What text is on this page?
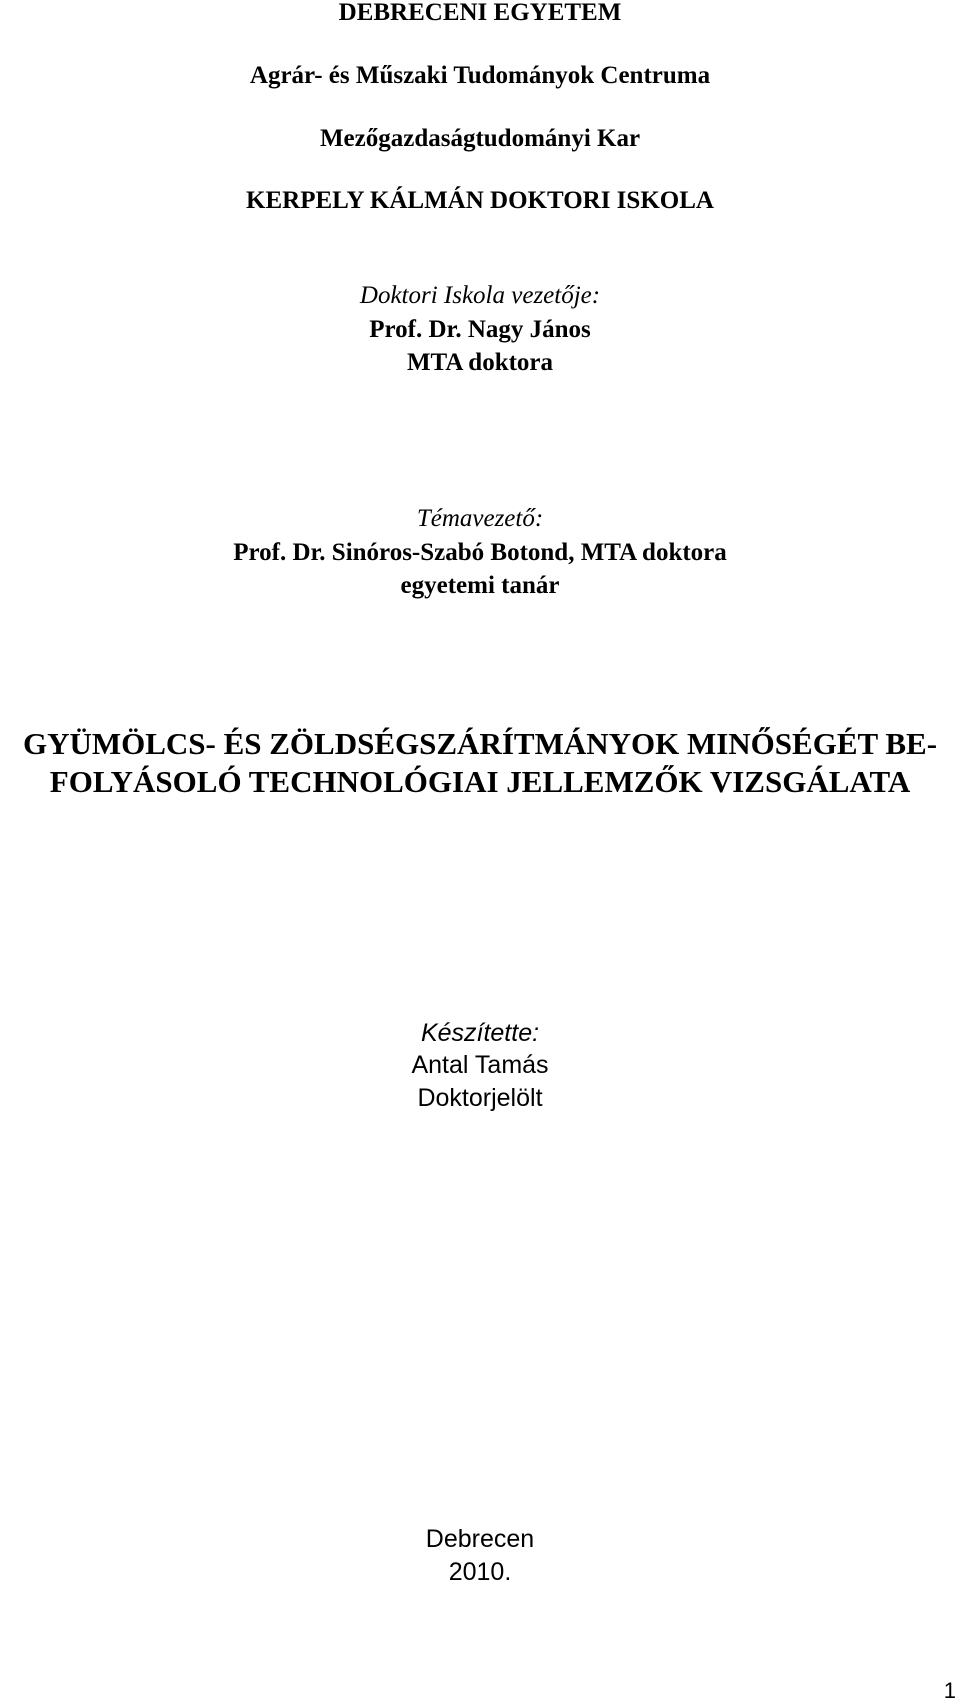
DEBRECENI EGYETEM
Agrár- és Műszaki Tudományok Centruma
Mezőgazdaságtudományi Kar
KERPELY KÁLMÁN DOKTORI ISKOLA
Doktori Iskola vezetője:
Prof. Dr. Nagy János
MTA doktora
Témavezető:
Prof. Dr. Sinóros-Szabó Botond, MTA doktora
egyetemi tanár
GYÜMÖLCS- ÉS ZÖLDSÉGSZÁRÍTMÁNYOK MINŐSÉGÉT BE-
FOLYÁSOLÓ TECHNOLÓGIAI JELLEMZŐK VIZSGÁLATA
Készítette:
Antal Tamás
Doktorjelölt
Debrecen
2010.
1
